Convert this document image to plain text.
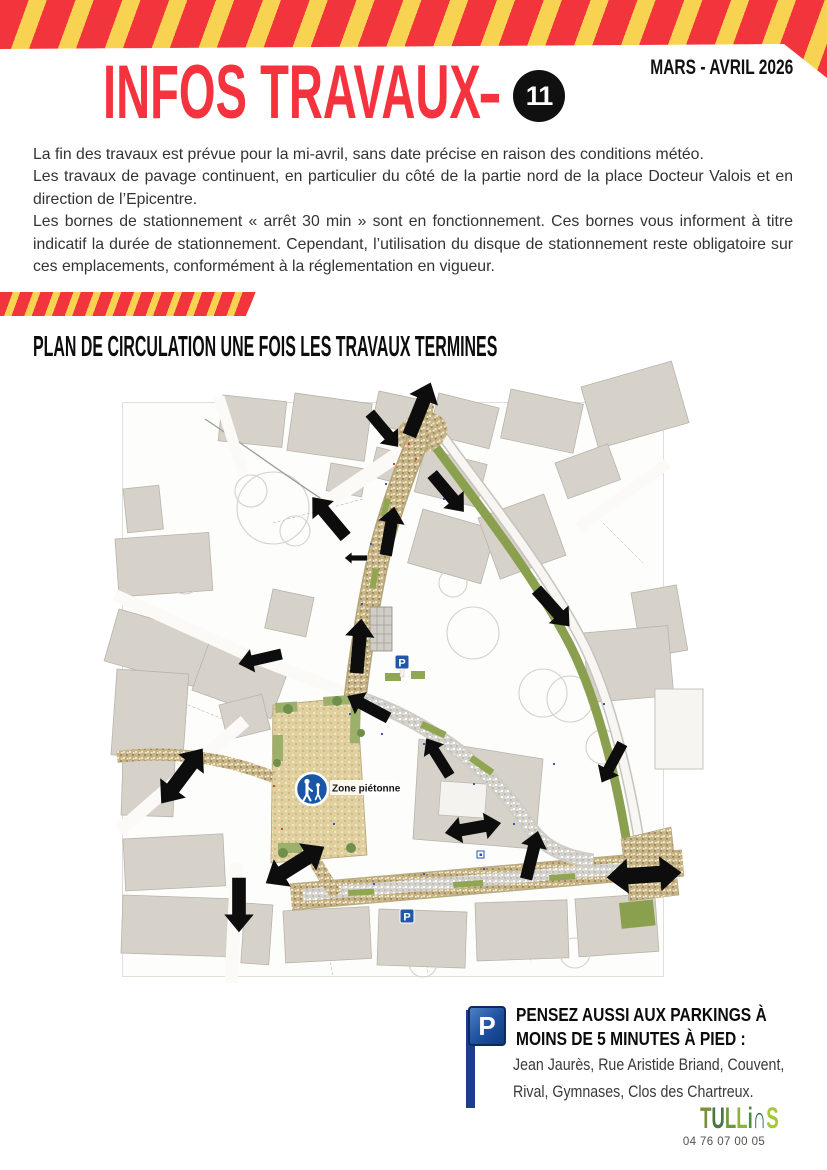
INFOS TRAVAUX
- 11
MARS - AVRIL 2026

La fin des travaux est prévue pour la mi-avril, sans date précise en raison des conditions météo.

Les travaux de pavage continuent, en particulier du côté de la partie nord de la place Docteur Valois et en direction de l’Epicentre.

Les bornes de stationnement « arrêt 30 min » sont en fonctionnement. Ces bornes vous informent à titre indicatif la durée de stationnement. Cependant, l’utilisation du disque de stationnement reste obligatoire sur ces emplacements, conformément à la réglementation en vigueur.

PLAN DE CIRCULATION UNE FOIS LES TRAVAUX TERMINES
P
P
Zone piétonne
P PENSEZ AUSSI AUX PARKINGS À
MOINS DE 5 MINUTES À PIED :
Jean Jaurès, Rue Aristide Briand, Couvent,
Rival, Gymnases, Clos des Chartreux.
TULLi∩S
04 76 07 00 05
